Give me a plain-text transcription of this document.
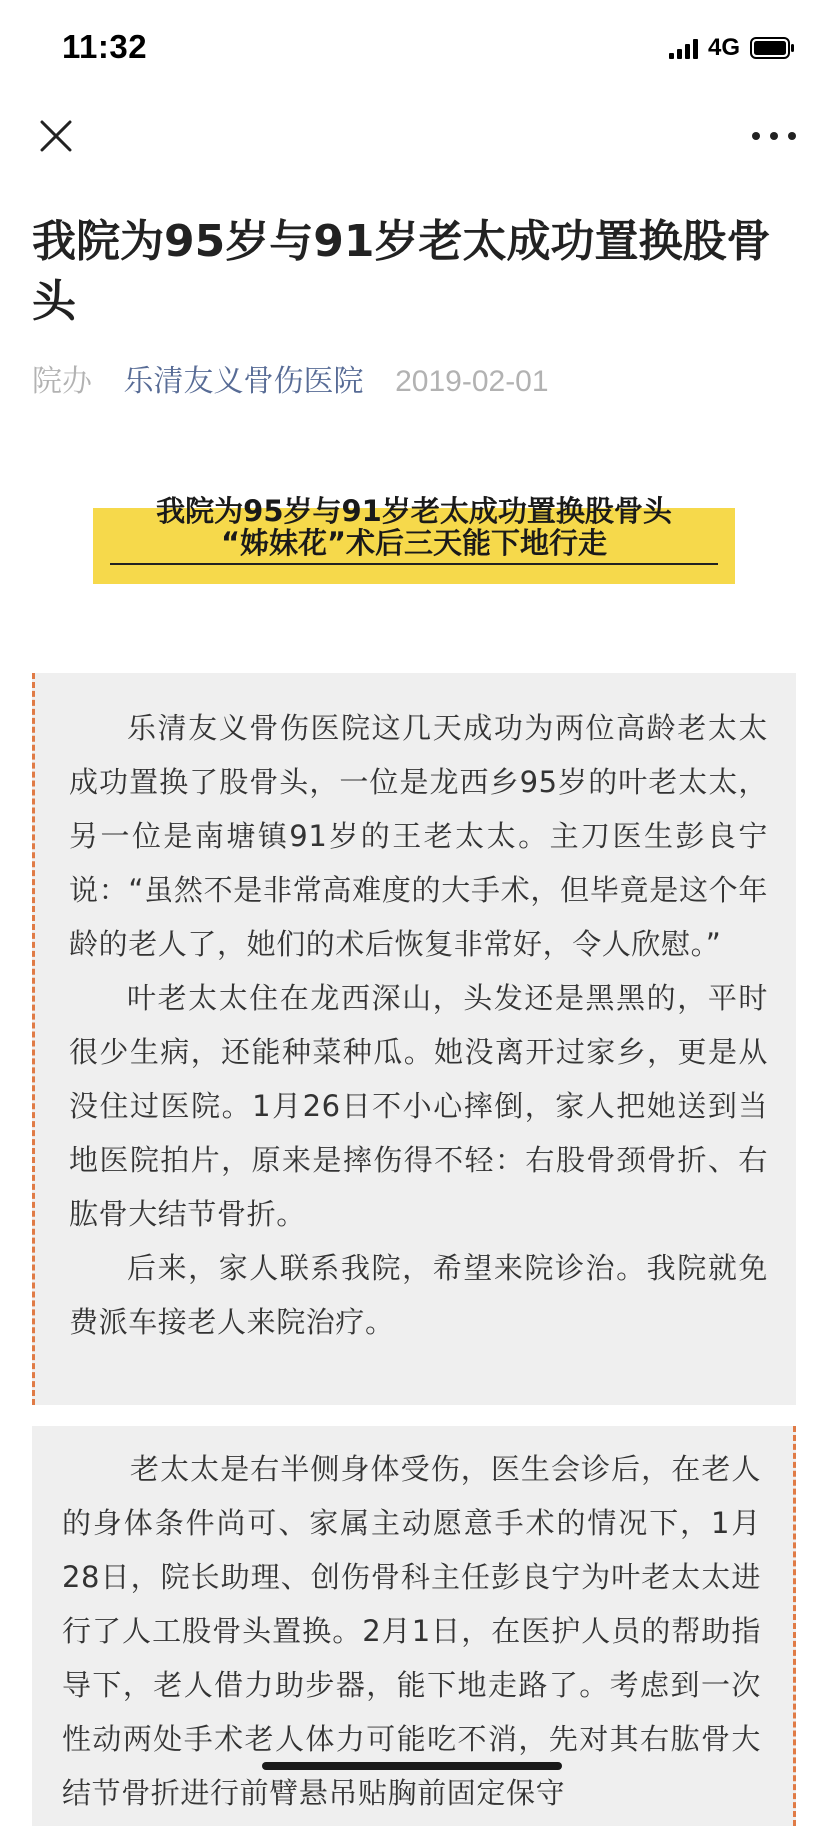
11:32	4G
我院为95岁与91岁老太成功置换股骨头
院办 乐清友义骨伤医院 2019-02-01
我院为95岁与91岁老太成功置换股骨头
“姊妹花”术后三天能下地行走

乐清友义骨伤医院这几天成功为两位高龄老太太成功置换了股骨头，一位是龙西乡95岁的叶老太太，另一位是南塘镇91岁的王老太太。主刀医生彭良宁说：“虽然不是非常高难度的大手术，但毕竟是这个年龄的老人了，她们的术后恢复非常好，令人欣慰。”

叶老太太住在龙西深山，头发还是黑黑的，平时很少生病，还能种菜种瓜。她没离开过家乡，更是从没住过医院。1月26日不小心摔倒，家人把她送到当地医院拍片，原来是摔伤得不轻：右股骨颈骨折、右肱骨大结节骨折。

后来，家人联系我院，希望来院诊治。我院就免费派车接老人来院治疗。

老太太是右半侧身体受伤，医生会诊后，在老人的身体条件尚可、家属主动愿意手术的情况下，1月28日，院长助理、创伤骨科主任彭良宁为叶老太太进行了人工股骨头置换。2月1日，在医护人员的帮助指导下，老人借力助步器，能下地走路了。考虑到一次性动两处手术老人体力可能吃不消，先对其右肱骨大结节骨折进行前臂悬吊贴胸前固定保守
